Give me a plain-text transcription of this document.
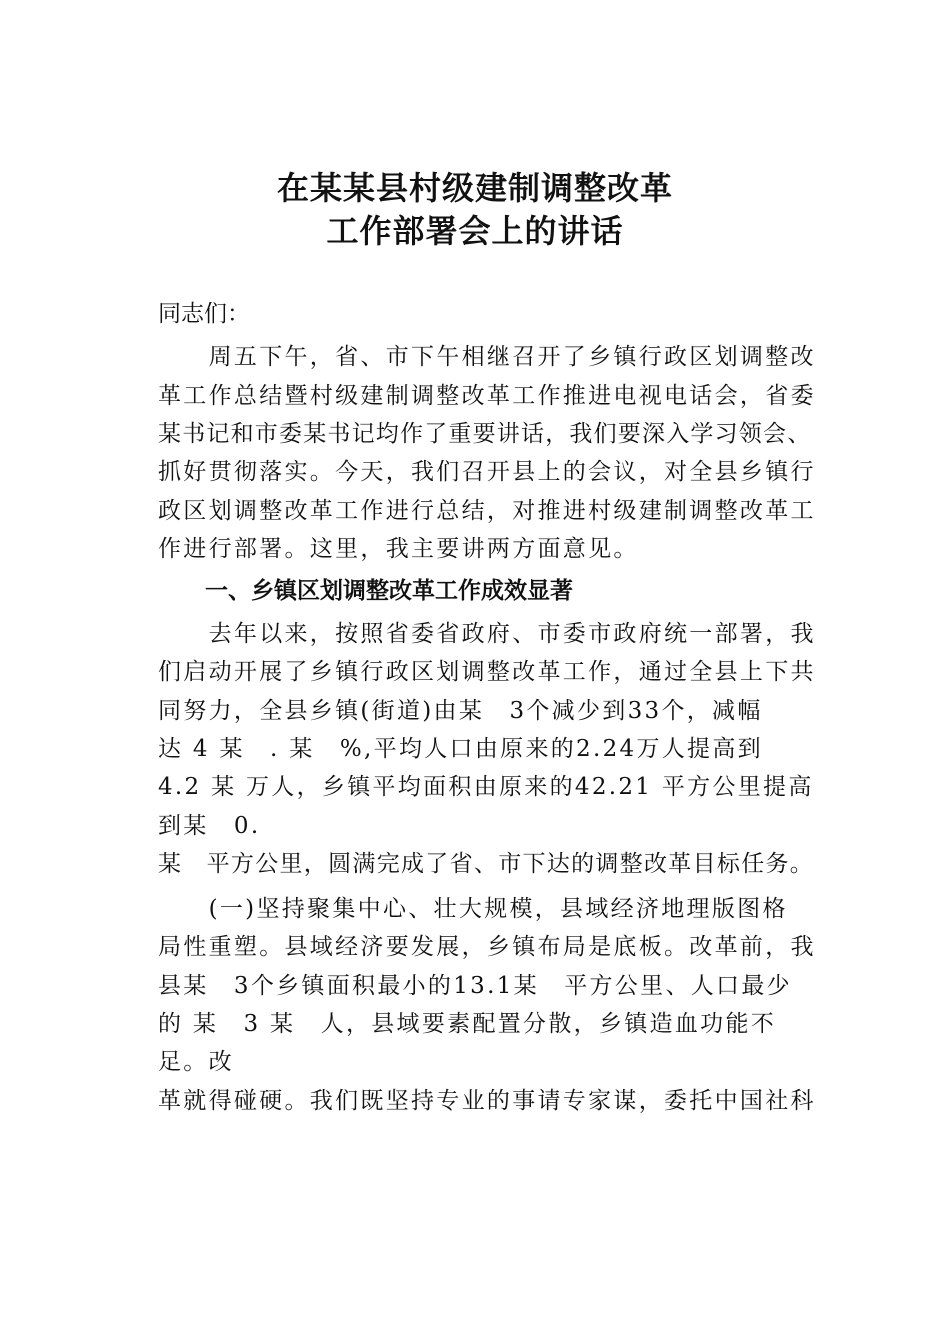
在某某县村级建制调整改革
工作部署会上的讲话
同志们：
　　周五下午，省、市下午相继召开了乡镇行政区划调整改
革工作总结暨村级建制调整改革工作推进电视电话会，省委
某书记和市委某书记均作了重要讲话，我们要深入学习领会、
抓好贯彻落实。今天，我们召开县上的会议，对全县乡镇行
政区划调整改革工作进行总结，对推进村级建制调整改革工
作进行部署。这里，我主要讲两方面意见。
一、乡镇区划调整改革工作成效显著
　　去年以来，按照省委省政府、市委市政府统一部署，我
们启动开展了乡镇行政区划调整改革工作，通过全县上下共
同努力，全县乡镇(街道)由某　3个减少到33个，减幅
达 4 某　. 某　%,平均人口由原来的2.24万人提高到
4.2 某 万人，乡镇平均面积由原来的42.21 平方公里提高
到某　0.
某　平方公里，圆满完成了省、市下达的调整改革目标任务。
　　(一)坚持聚集中心、壮大规模，县域经济地理版图格
局性重塑。县域经济要发展，乡镇布局是底板。改革前，我
县某　3个乡镇面积最小的13.1某　平方公里、人口最少
的 某　3 某　人，县域要素配置分散，乡镇造血功能不
足。改
革就得碰硬。我们既坚持专业的事请专家谋，委托中国社科
